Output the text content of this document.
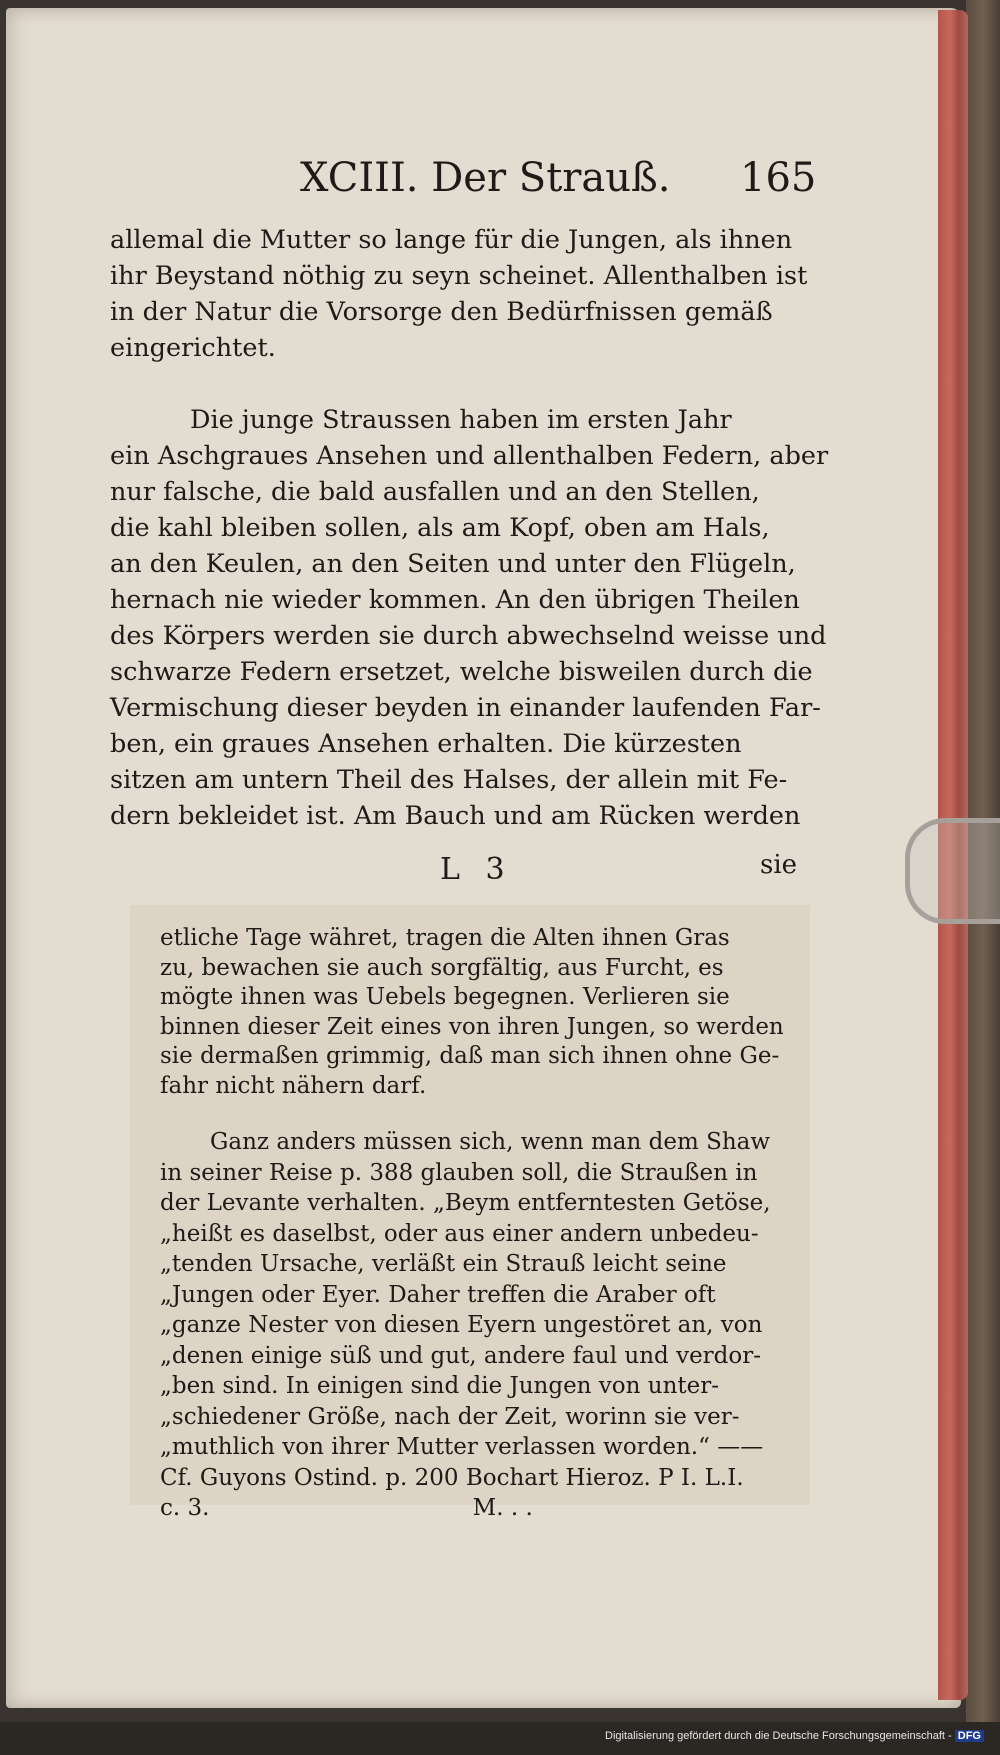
XCIII. Der Strauß. 165
allemal die Mutter so lange für die Jungen, als ihnen
ihr Beystand nöthig zu seyn scheinet. Allenthalben ist
in der Natur die Vorsorge den Bedürfnissen gemäß
eingerichtet.
Die junge Straussen haben im ersten Jahr
ein Aschgraues Ansehen und allenthalben Federn, aber
nur falsche, die bald ausfallen und an den Stellen,
die kahl bleiben sollen, als am Kopf, oben am Hals,
an den Keulen, an den Seiten und unter den Flügeln,
hernach nie wieder kommen. An den übrigen Theilen
des Körpers werden sie durch abwechselnd weisse und
schwarze Federn ersetzet, welche bisweilen durch die
Vermischung dieser beyden in einander laufenden Far-
ben, ein graues Ansehen erhalten. Die kürzesten
sitzen am untern Theil des Halses, der allein mit Fe-
dern bekleidet ist. Am Bauch und am Rücken werden
L 3	sie
etliche Tage währet, tragen die Alten ihnen Gras
zu, bewachen sie auch sorgfältig, aus Furcht, es
mögte ihnen was Uebels begegnen. Verlieren sie
binnen dieser Zeit eines von ihren Jungen, so werden
sie dermaßen grimmig, daß man sich ihnen ohne Ge-
fahr nicht nähern darf.
Ganz anders müssen sich, wenn man dem Shaw
in seiner Reise p. 388 glauben soll, die Straußen in
der Levante verhalten. „Beym entferntesten Getöse,
„heißt es daselbst, oder aus einer andern unbedeu-
„tenden Ursache, verläßt ein Strauß leicht seine
„Jungen oder Eyer. Daher treffen die Araber oft
„ganze Nester von diesen Eyern ungestöret an, von
„denen einige süß und gut, andere faul und verdor-
„ben sind. In einigen sind die Jungen von unter-
„schiedener Größe, nach der Zeit, worinn sie ver-
„muthlich von ihrer Mutter verlassen worden.“ ——
Cf. Guyons Ostind. p. 200 Bochart Hieroz. P I. L.I.
c. 3.                                    M. . .
Digitalisierung gefördert durch die Deutsche Forschungsgemeinschaft - DFG
